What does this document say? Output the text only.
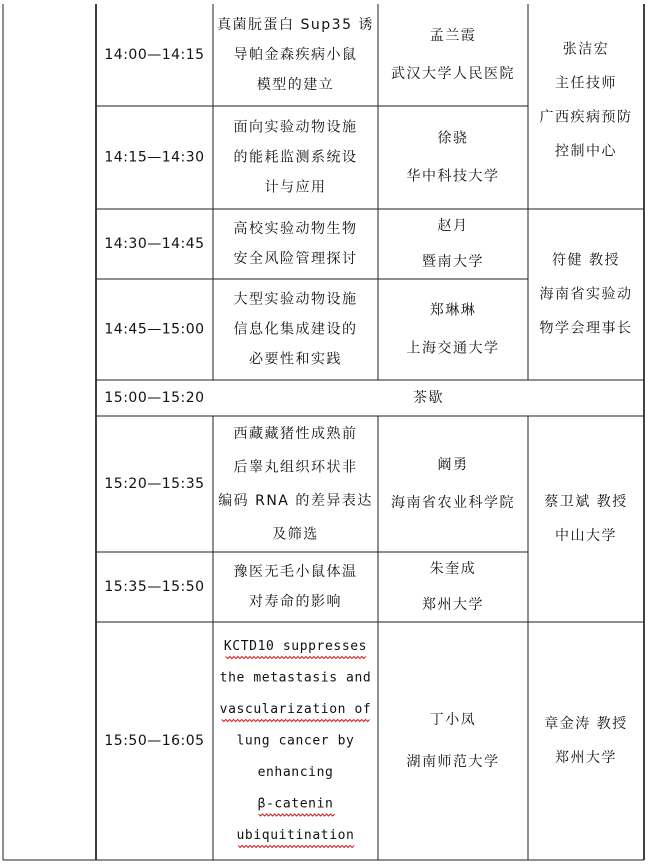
14:00—14:15
真菌朊蛋白 Sup35 诱
导帕金森疾病小鼠
模型的建立
孟兰霞
武汉大学人民医院
14:15—14:30
面向实验动物设施
的能耗监测系统设
计与应用
徐骁
华中科技大学
14:30—14:45
高校实验动物生物
安全风险管理探讨
赵月
暨南大学
14:45—15:00
大型实验动物设施
信息化集成建设的
必要性和实践
郑琳琳
上海交通大学
15:00—15:20	茶歇
15:20—15:35
西藏藏猪性成熟前
后睾丸组织环状非
编码 RNA 的差异表达
及筛选
阚勇
海南省农业科学院
15:35—15:50
豫医无毛小鼠体温
对寿命的影响
朱奎成
郑州大学
15:50—16:05
KCTD10 suppresses
the metastasis and
vascularization of
lung cancer by
enhancing
β-catenin
ubiquitination
丁小凤
湖南师范大学
张洁宏
主任技师
广西疾病预防
控制中心
符健 教授
海南省实验动
物学会理事长
蔡卫斌 教授
中山大学
章金涛 教授
郑州大学
